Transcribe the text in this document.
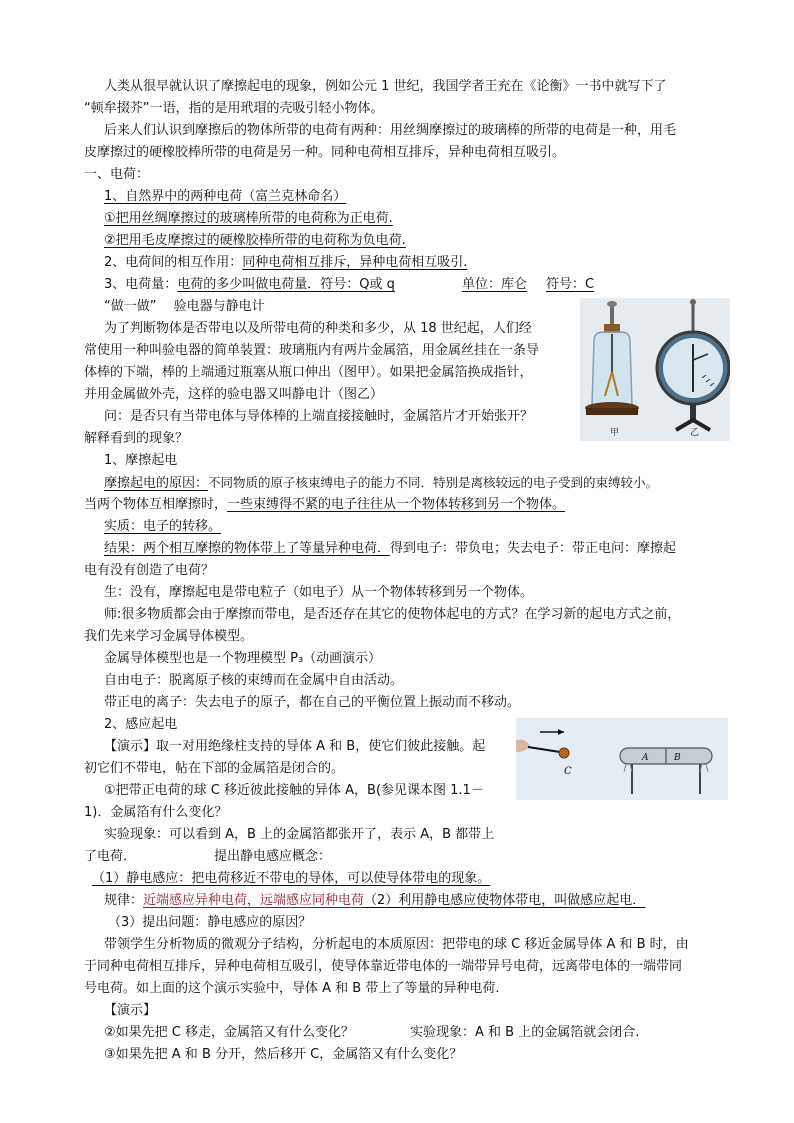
人类从很早就认识了摩擦起电的现象，例如公元 1 世纪，我国学者王充在《论衡》一书中就写下了
“顿牟掇芥”一语，指的是用玳瑁的壳吸引轻小物体。
后来人们认识到摩擦后的物体所带的电荷有两种：用丝绸摩擦过的玻璃棒的所带的电荷是一种，用毛
皮摩擦过的硬橡胶棒所带的电荷是另一种。同种电荷相互排斥，异种电荷相互吸引。
一、电荷：
1、自然界中的两种电荷（富兰克林命名）
①把用丝绸摩擦过的玻璃棒所带的电荷称为正电荷.
②把用毛皮摩擦过的硬橡胶棒所带的电荷称为负电荷.
2、电荷间的相互作用：同种电荷相互排斥，异种电荷相互吸引.
3、电荷量：电荷的多少叫做电荷量．符号：Q或 q	单位：库仑 符号：C
“做一做”　 验电器与静电计
为了判断物体是否带电以及所带电荷的种类和多少，从 18 世纪起，人们经
常使用一种叫验电器的简单装置：玻璃瓶内有两片金属箔，用金属丝挂在一条导
体棒的下端，棒的上端通过瓶塞从瓶口伸出（图甲）。如果把金属箔换成指针，
并用金属做外壳，这样的验电器又叫静电计（图乙）
问：是否只有当带电体与导体棒的上端直接接触时，金属箔片才开始张开？
解释看到的现象？	甲	乙
1、摩擦起电
摩擦起电的原因：不同物质的原子核束缚电子的能力不同．特别是离核较远的电子受到的束缚较小。
当两个物体互相摩擦时，一些束缚得不紧的电子往往从一个物体转移到另一个物体。
实质：电子的转移。
结果：两个相互摩擦的物体带上了等量异种电荷．得到电子：带负电；失去电子：带正电问：摩擦起
电有没有创造了电荷？
生：没有，摩擦起电是带电粒子（如电子）从一个物体转移到另一个物体。
师:很多物质都会由于摩擦而带电，是否还存在其它的使物体起电的方式？在学习新的起电方式之前，
我们先来学习金属导体模型。
金属导体模型也是一个物理模型 P₃（动画演示）
自由电子：脱离原子核的束缚而在金属中自由活动。
带正电的离子：失去电子的原子，都在自己的平衡位置上振动而不移动。
2、感应起电
【演示】取一对用绝缘柱支持的导体 A 和 B，使它们彼此接触。起
初它们不带电，帖在下部的金属箔是闭合的。
①把带正电荷的球 C 移近彼此接触的异体 A，B(参见课本图 1.1－
1)．金属箔有什么变化？
实验现象：可以看到 A，B 上的金属箔都张开了，表示 A，B 都带上
了电荷．	提出静电感应概念：
C
A	B
（1）静电感应：把电荷移近不带电的导体，可以使导体带电的现象。
规律：近端感应异种电荷，远端感应同种电荷（2）利用静电感应使物体带电，叫做感应起电．
（3）提出问题：静电感应的原因？
带领学生分析物质的微观分子结构，分析起电的本质原因：把带电的球 C 移近金属导体 A 和 B 时，由
于同种电荷相互排斥，异种电荷相互吸引，使导体靠近带电体的一端带异号电荷，远离带电体的一端带同
号电荷。如上面的这个演示实验中，导体 A 和 B 带上了等量的异种电荷.
【演示】
②如果先把 C 移走，金属箔又有什么变化？	实验现象：A 和 B 上的金属箔就会闭合.
③如果先把 A 和 B 分开，然后移开 C，金属箔又有什么变化？
